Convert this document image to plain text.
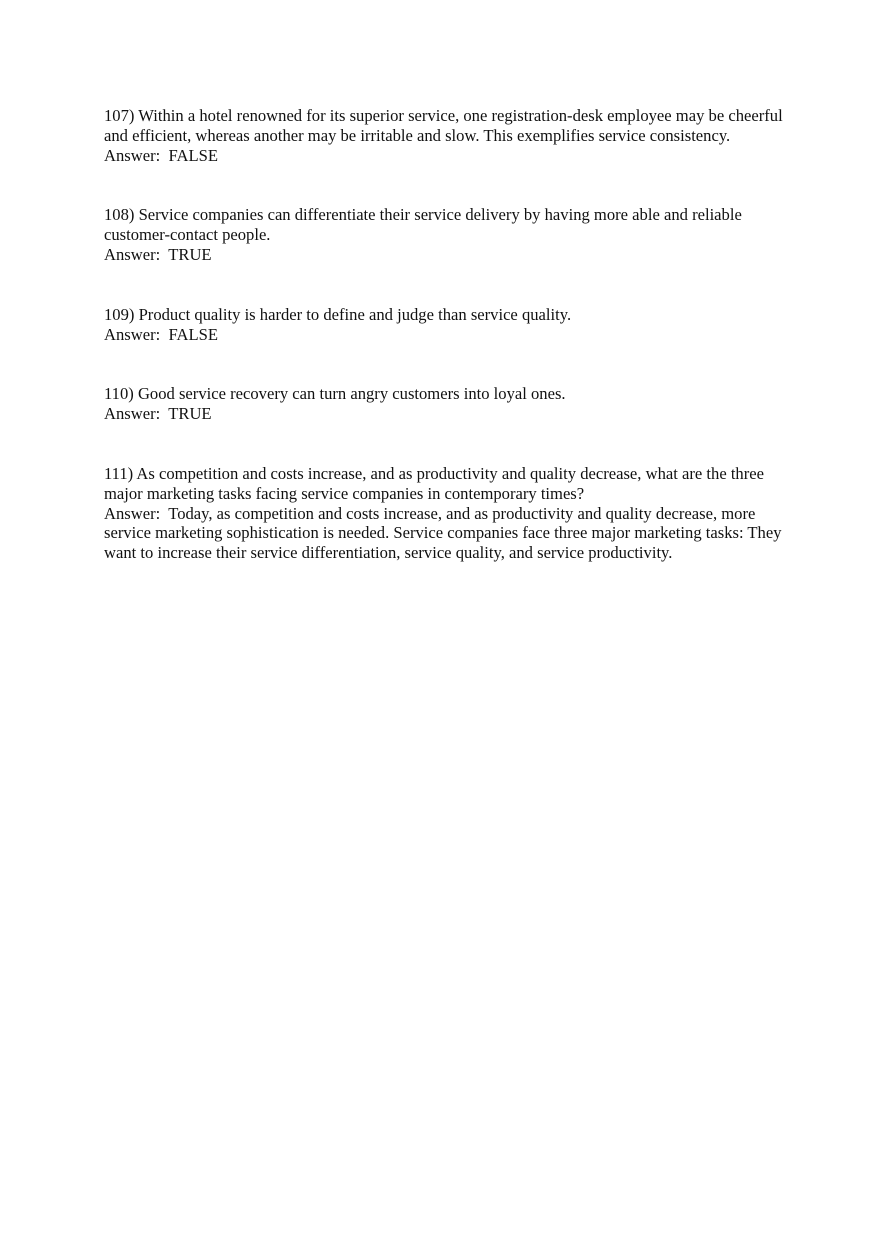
107) Within a hotel renowned for its superior service, one registration-desk employee may be cheerful and efficient, whereas another may be irritable and slow. This exemplifies service consistency.
Answer:  FALSE
108) Service companies can differentiate their service delivery by having more able and reliable customer-contact people.
Answer:  TRUE
109) Product quality is harder to define and judge than service quality.
Answer:  FALSE
110) Good service recovery can turn angry customers into loyal ones.
Answer:  TRUE
111) As competition and costs increase, and as productivity and quality decrease, what are the three major marketing tasks facing service companies in contemporary times?
Answer:  Today, as competition and costs increase, and as productivity and quality decrease, more service marketing sophistication is needed. Service companies face three major marketing tasks: They want to increase their service differentiation, service quality, and service productivity.
